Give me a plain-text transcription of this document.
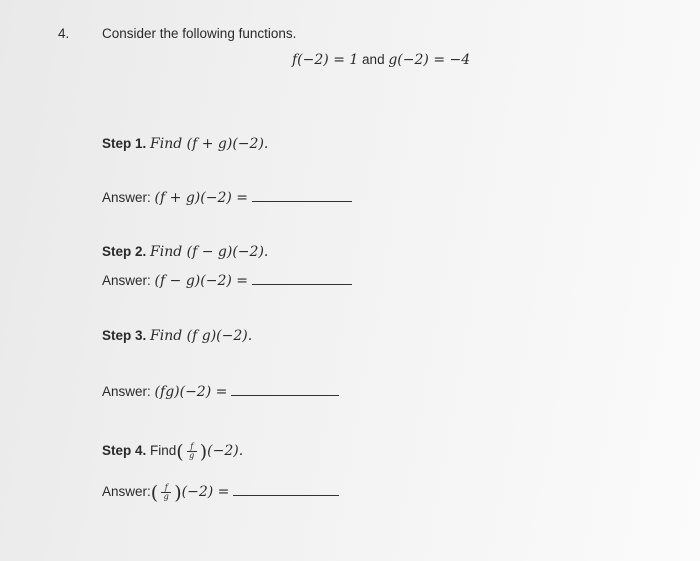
4. Consider the following functions.
f(−2) = 1 and g(−2) = −4
Step 1. Find (f + g)(−2).
Answer: (f + g)(−2) =
Step 2. Find (f − g)(−2).
Answer: (f − g)(−2) =
Step 3. Find (f g)(−2).
Answer: (fg)(−2) =
Step 4. Find( $\frac{f}{g} )(-2)$.
Answer:( $\frac{f}{g} )(-2)$ =
